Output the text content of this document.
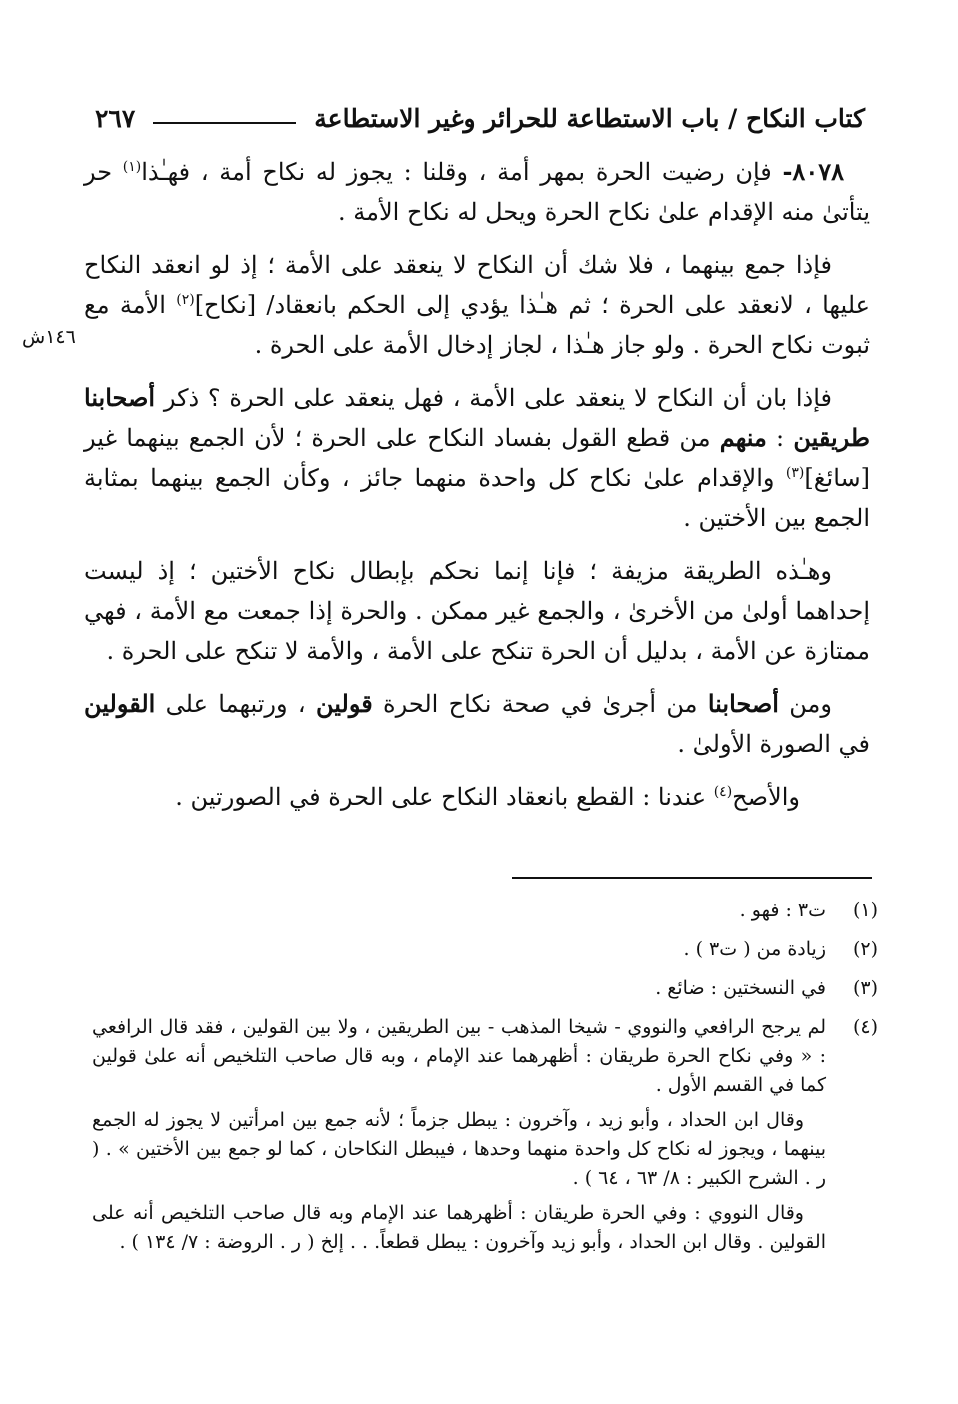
كتاب النكاح / باب الاستطاعة للحرائر وغير الاستطاعة
٢٦٧
١٤٦ش

٨٠٧٨- فإن رضيت الحرة بمهر أمة ، وقلنا : يجوز له نكاح أمة ، فهـٰذا$^{(١)}$ حر يتأتىٰ منه الإقدام علىٰ نكاح الحرة ويحل له نكاح الأمة .

فإذا جمع بينهما ، فلا شك أن النكاح لا ينعقد على الأمة ؛ إذ لو انعقد النكاح عليها ، لانعقد على الحرة ؛ ثم هـٰذا يؤدي إلى الحكم بانعقاد/ [نكاح]$^{(٢)}$ الأمة مع ثبوت نكاح الحرة . ولو جاز هـٰذا ، لجاز إدخال الأمة على الحرة .

فإذا بان أن النكاح لا ينعقد على الأمة ، فهل ينعقد على الحرة ؟ ذكر أصحابنا طريقين : منهم من قطع القول بفساد النكاح على الحرة ؛ لأن الجمع بينهما غير [سائغ]$^{(٣)}$ والإقدام علىٰ نكاح كل واحدة منهما جائز ، وكأن الجمع بينهما بمثابة الجمع بين الأختين .

وهـٰذه الطريقة مزيفة ؛ فإنا إنما نحكم بإبطال نكاح الأختين ؛ إذ ليست إحداهما أولىٰ من الأخرىٰ ، والجمع غير ممكن . والحرة إذا جمعت مع الأمة ، فهي ممتازة عن الأمة ، بدليل أن الحرة تنكح على الأمة ، والأمة لا تنكح على الحرة .

ومن أصحابنا من أجرىٰ في صحة نكاح الحرة قولين ، ورتبهما على القولين في الصورة الأولىٰ .

والأصح$^{(٤)}$ عندنا : القطع بانعقاد النكاح على الحرة في الصورتين .

(١)

ت٣ : فهو .

(٢)

زيادة من ( ت٣ ) .

(٣)

في النسختين : ضائع .

(٤)

لم يرجح الرافعي والنووي - شيخا المذهب - بين الطريقين ، ولا بين القولين ، فقد قال الرافعي : « وفي نكاح الحرة طريقان : أظهرهما عند الإمام ، وبه قال صاحب التلخيص أنه علىٰ قولين كما في القسم الأول .

وقال ابن الحداد ، وأبو زيد ، وآخرون : يبطل جزماً ؛ لأنه جمع بين امرأتين لا يجوز له الجمع بينهما ، ويجوز له نكاح كل واحدة منهما وحدها ، فيبطل النكاحان ، كما لو جمع بين الأختين » . ( ر . الشرح الكبير : ٨/ ٦٣ ، ٦٤ ) .

وقال النووي : وفي الحرة طريقان : أظهرهما عند الإمام وبه قال صاحب التلخيص أنه على القولين . وقال ابن الحداد ، وأبو زيد وآخرون : يبطل قطعاً. . . إلخ ( ر . الروضة : ٧/ ١٣٤ ) .
